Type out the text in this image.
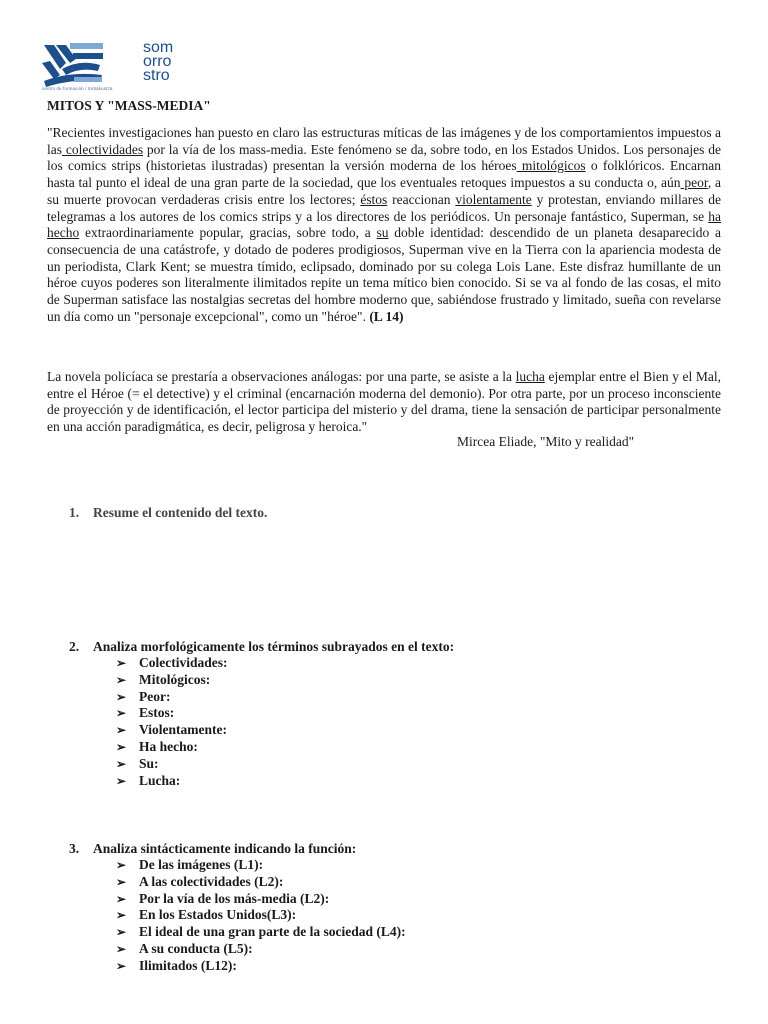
som
orro
stro
centro de formación / trebakuntza
MITOS Y "MASS-MEDIA"
"Recientes investigaciones han puesto en claro las estructuras míticas de las imágenes y de los comportamientos impuestos a las colectividades por la vía de los mass-media. Este fenómeno se da, sobre todo, en los Estados Unidos. Los personajes de los comics strips (historietas ilustradas) presentan la versión moderna de los héroes mitológicos o folklóricos. Encarnan hasta tal punto el ideal de una gran parte de la sociedad, que los eventuales retoques impuestos a su conducta o, aún peor, a su muerte provocan verdaderas crisis entre los lectores; éstos reaccionan violentamente y protestan, enviando millares de telegramas a los autores de los comics strips y a los directores de los periódicos. Un personaje fantástico, Superman, se ha hecho extraordinariamente popular, gracias, sobre todo, a su doble identidad: descendido de un planeta desaparecido a consecuencia de una catástrofe, y dotado de poderes prodigiosos, Superman vive en la Tierra con la apariencia modesta de un periodista, Clark Kent; se muestra tímido, eclipsado, dominado por su colega Lois Lane. Este disfraz humillante de un héroe cuyos poderes son literalmente ilimitados repite un tema mítico bien conocido. Si se va al fondo de las cosas, el mito de Superman satisface las nostalgias secretas del hombre moderno que, sabiéndose frustrado y limitado, sueña con revelarse un día como un "personaje excepcional", como un "héroe". (L 14)
La novela policíaca se prestaría a observaciones análogas: por una parte, se asiste a la lucha ejemplar entre el Bien y el Mal, entre el Héroe (= el detective) y el criminal (encarnación moderna del demonio). Por otra parte, por un proceso inconsciente de proyección y de identificación, el lector participa del misterio y del drama, tiene la sensación de participar personalmente en una acción paradigmática, es decir, peligrosa y heroica."
Mircea Eliade, "Mito y realidad"
1. Resume el contenido del texto.
2. Analiza morfológicamente los términos subrayados en el texto:
➢ Colectividades:
➢ Mitológicos:
➢ Peor:
➢ Estos:
➢ Violentamente:
➢ Ha hecho:
➢ Su:
➢ Lucha:
3. Analiza sintácticamente indicando la función:
➢ De las imágenes (L1):
➢ A las colectividades (L2):
➢ Por la vía de los más-media (L2):
➢ En los Estados Unidos(L3):
➢ El ideal de una gran parte de la sociedad (L4):
➢ A su conducta (L5):
➢ Ilimitados (L12):
